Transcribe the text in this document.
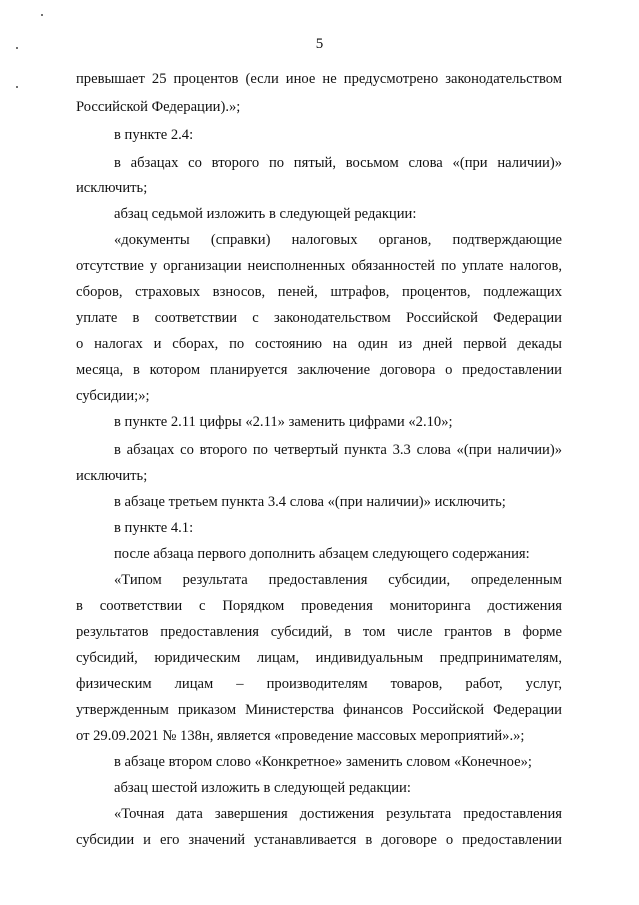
5
превышает 25 процентов (если иное не предусмотрено законодательством
Российской Федерации).»;
в пункте 2.4:
в абзацах со второго по пятый, восьмом слова «(при наличии)»
исключить;
абзац седьмой изложить в следующей редакции:
«документы (справки) налоговых органов, подтверждающие
отсутствие у организации неисполненных обязанностей по уплате налогов,
сборов, страховых взносов, пеней, штрафов, процентов, подлежащих
уплате в соответствии с законодательством Российской Федерации
о налогах и сборах, по состоянию на один из дней первой декады
месяца, в котором планируется заключение договора о предоставлении
субсидии;»;
в пункте 2.11 цифры «2.11» заменить цифрами «2.10»;
в абзацах со второго по четвертый пункта 3.3 слова «(при наличии)»
исключить;
в абзаце третьем пункта 3.4 слова «(при наличии)» исключить;
в пункте 4.1:
после абзаца первого дополнить абзацем следующего содержания:
«Типом результата предоставления субсидии, определенным
в соответствии с Порядком проведения мониторинга достижения
результатов предоставления субсидий, в том числе грантов в форме
субсидий, юридическим лицам, индивидуальным предпринимателям,
физическим лицам – производителям товаров, работ, услуг,
утвержденным приказом Министерства финансов Российской Федерации
от 29.09.2021 № 138н, является «проведение массовых мероприятий».»;
в абзаце втором слово «Конкретное» заменить словом «Конечное»;
абзац шестой изложить в следующей редакции:
«Точная дата завершения достижения результата предоставления
субсидии и его значений устанавливается в договоре о предоставлении
